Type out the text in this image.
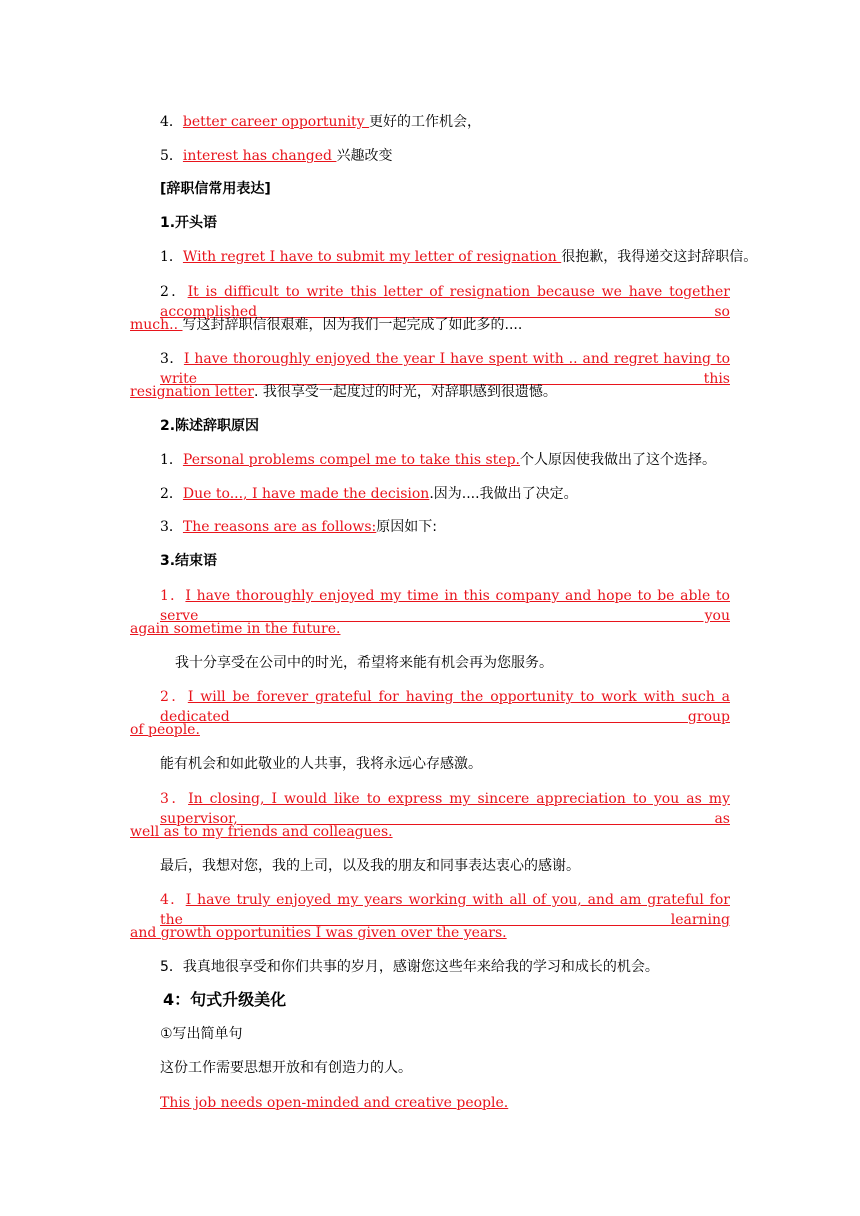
4．better career opportunity 更好的工作机会，
5．interest has changed 兴趣改变
[辞职信常用表达]
1.开头语
1．With regret I have to submit my letter of resignation 很抱歉，我得递交这封辞职信。
2．It is difficult to write this letter of resignation because we have together accomplished so
much.. 写这封辞职信很艰难，因为我们一起完成了如此多的....
3．I have thoroughly enjoyed the year I have spent with .. and regret having to write this
resignation letter. 我很享受一起度过的时光，对辞职感到很遗憾。
2.陈述辞职原因
1．Personal problems compel me to take this step.个人原因使我做出了这个选择。
2．Due to..., I have made the decision.因为....我做出了决定。
3．The reasons are as follows:原因如下:
3.结束语
1．I have thoroughly enjoyed my time in this company and hope to be able to serve you
again sometime in the future.
我十分享受在公司中的时光，希望将来能有机会再为您服务。
2．I will be forever grateful for having the opportunity to work with such a dedicated group
of people.
能有机会和如此敬业的人共事，我将永远心存感激。
3．In closing, I would like to express my sincere appreciation to you as my supervisor, as
well as to my friends and colleagues.
最后，我想对您，我的上司，以及我的朋友和同事表达衷心的感谢。
4．I have truly enjoyed my years working with all of you, and am grateful for the learning
and growth opportunities I was given over the years.
5．我真地很享受和你们共事的岁月，感谢您这些年来给我的学习和成长的机会。
4：句式升级美化
①写出简单句
这份工作需要思想开放和有创造力的人。
This job needs open-minded and creative people.
